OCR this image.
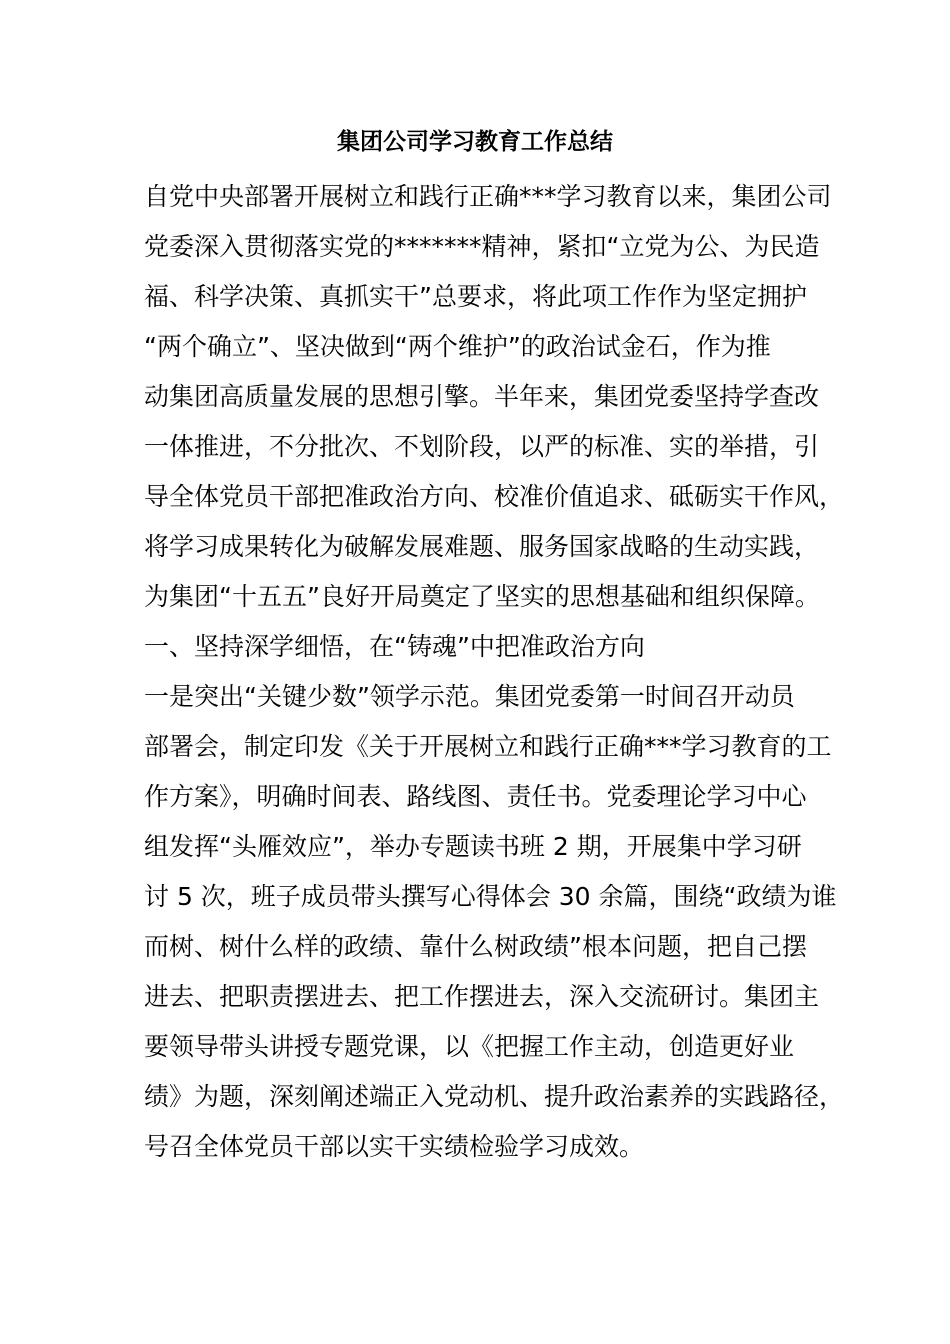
集团公司学习教育工作总结
自党中央部署开展树立和践行正确***学习教育以来，集团公司
党委深入贯彻落实党的*******精神，紧扣“立党为公、为民造
福、科学决策、真抓实干”总要求，将此项工作作为坚定拥护
“两个确立”、坚决做到“两个维护”的政治试金石，作为推
动集团高质量发展的思想引擎。半年来，集团党委坚持学查改
一体推进，不分批次、不划阶段，以严的标准、实的举措，引
导全体党员干部把准政治方向、校准价值追求、砥砺实干作风，
将学习成果转化为破解发展难题、服务国家战略的生动实践，
为集团“十五五”良好开局奠定了坚实的思想基础和组织保障。
一、坚持深学细悟，在“铸魂”中把准政治方向
一是突出“关键少数”领学示范。集团党委第一时间召开动员
部署会，制定印发《关于开展树立和践行正确***学习教育的工
作方案》，明确时间表、路线图、责任书。党委理论学习中心
组发挥“头雁效应”，举办专题读书班 2 期，开展集中学习研
讨 5 次，班子成员带头撰写心得体会 30 余篇，围绕“政绩为谁
而树、树什么样的政绩、靠什么树政绩”根本问题，把自己摆
进去、把职责摆进去、把工作摆进去，深入交流研讨。集团主
要领导带头讲授专题党课，以《把握工作主动，创造更好业
绩》为题，深刻阐述端正入党动机、提升政治素养的实践路径，
号召全体党员干部以实干实绩检验学习成效。
